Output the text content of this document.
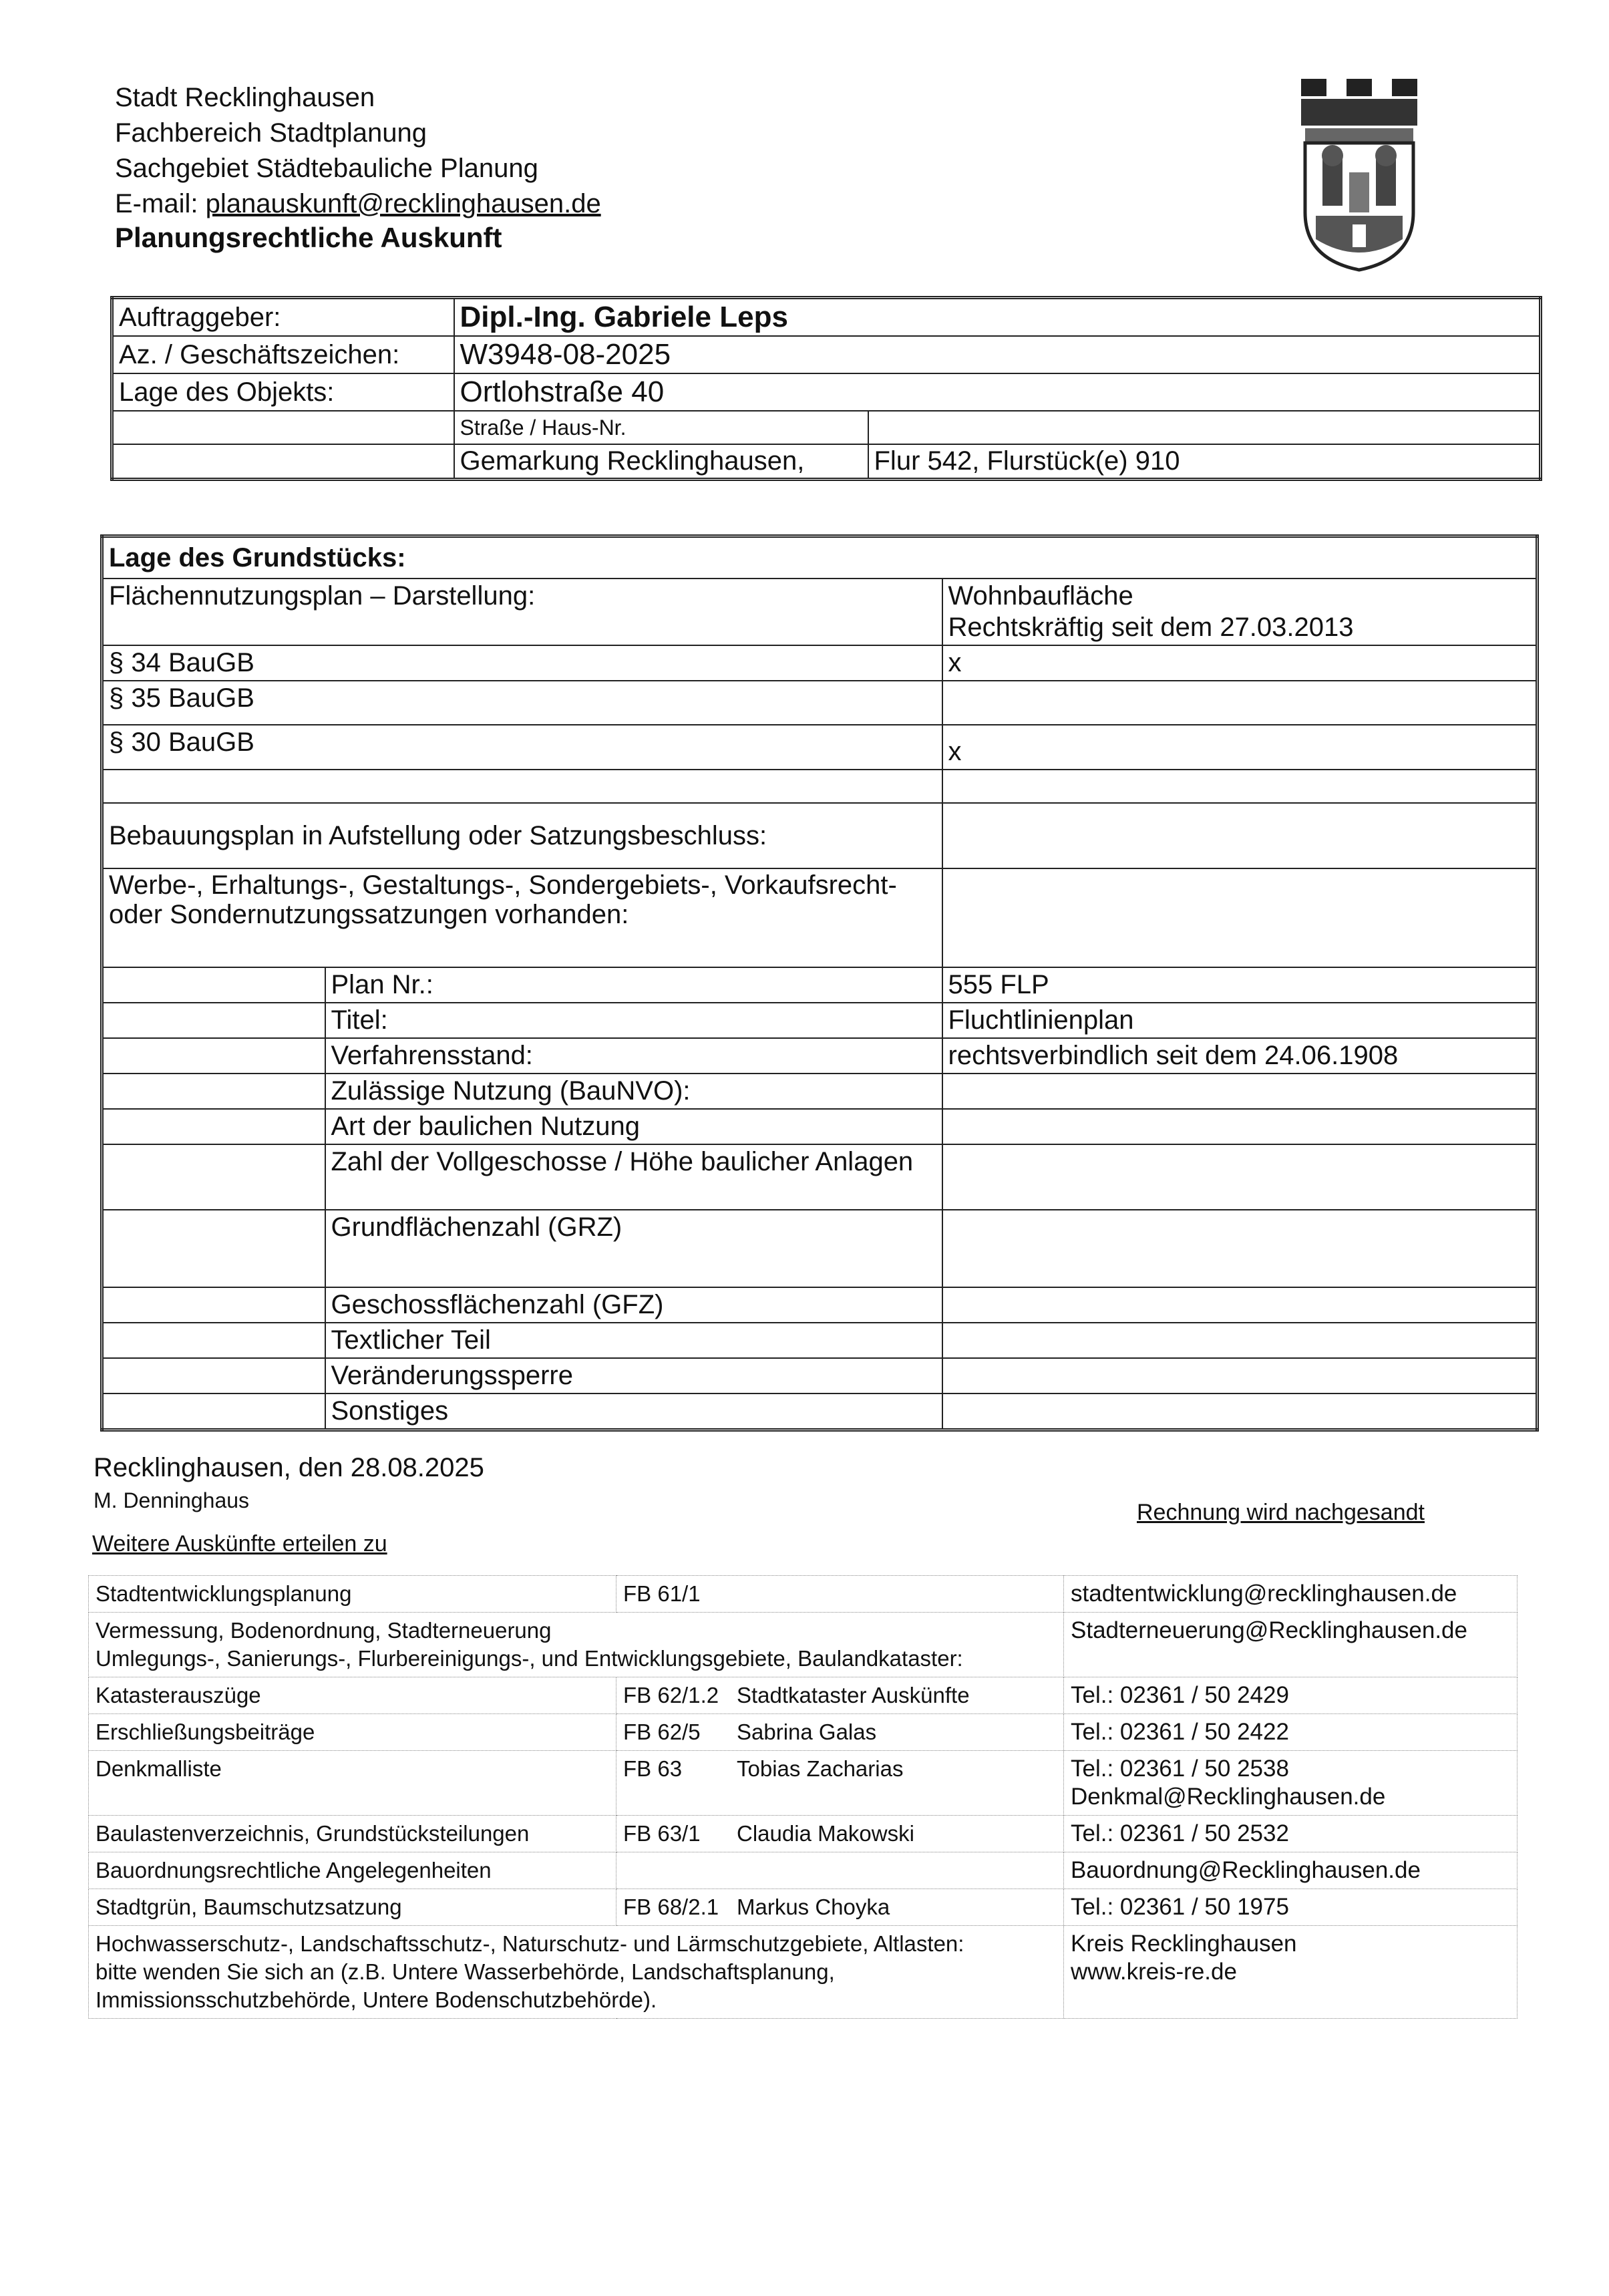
Stadt Recklinghausen
Fachbereich Stadtplanung
Sachgebiet Städtebauliche Planung
E-mail: planauskunft@recklinghausen.de
Planungsrechtliche Auskunft
Auftraggeber:	Dipl.-Ing. Gabriele Leps	
Az. / Geschäftszeichen:	W3948-08-2025	
Lage des Objekts:	Ortlohstraße 40	
	Straße / Haus-Nr.	
	Gemarkung Recklinghausen,	Flur 542, Flurstück(e) 910
Lage des Grundstücks:		
Flächennutzungsplan – Darstellung:		Wohnbaufläche
Rechtskräftig seit dem 27.03.2013

§ 34 BauGB		x
§ 35 BauGB		
§ 30 BauGB		x

Bebauungsplan in Aufstellung oder Satzungsbeschluss:		
Werbe-, Erhaltungs-, Gestaltungs-, Sondergebiets-, Vorkaufsrecht- oder Sondernutzungssatzungen vorhanden:		
	Plan Nr.:	555 FLP
	Titel:	Fluchtlinienplan
	Verfahrensstand:	rechtsverbindlich seit dem 24.06.1908
	Zulässige Nutzung (BauNVO):	
	Art der baulichen Nutzung	
	Zahl der Vollgeschosse / Höhe baulicher Anlagen	
	Grundflächenzahl (GRZ)	
	Geschossflächenzahl (GFZ)	
	Textlicher Teil	
	Veränderungssperre	
	Sonstiges	
Recklinghausen, den 28.08.2025
M. Denninghaus	Rechnung wird nachgesandt
Weitere Auskünfte erteilen zu
Stadtentwicklungsplanung	FB 61/1	stadtentwicklung@recklinghausen.de
Vermessung, Bodenordnung, Stadterneuerung
Umlegungs-, Sanierungs-, Flurbereinigungs-, und Entwicklungsgebiete, Baulandkataster:		Stadterneuerung@Recklinghausen.de
Katasterauszüge	FB 62/1.2 Stadtkataster Auskünfte	Tel.: 02361 / 50 2429
Erschließungsbeiträge	FB 62/5 Sabrina Galas	Tel.: 02361 / 50 2422
Denkmalliste	FB 63 Tobias Zacharias	Tel.: 02361 / 50 2538
Denkmal@Recklinghausen.de
Baulastenverzeichnis, Grundstücksteilungen	FB 63/1 Claudia Makowski	Tel.: 02361 / 50 2532
Bauordnungsrechtliche Angelegenheiten		Bauordnung@Recklinghausen.de
Stadtgrün, Baumschutzsatzung	FB 68/2.1 Markus Choyka	Tel.: 02361 / 50 1975
Hochwasserschutz-, Landschaftsschutz-, Naturschutz- und Lärmschutzgebiete, Altlasten:
bitte wenden Sie sich an (z.B. Untere Wasserbehörde, Landschaftsplanung,
Immissionsschutzbehörde, Untere Bodenschutzbehörde).		Kreis Recklinghausen
www.kreis-re.de
